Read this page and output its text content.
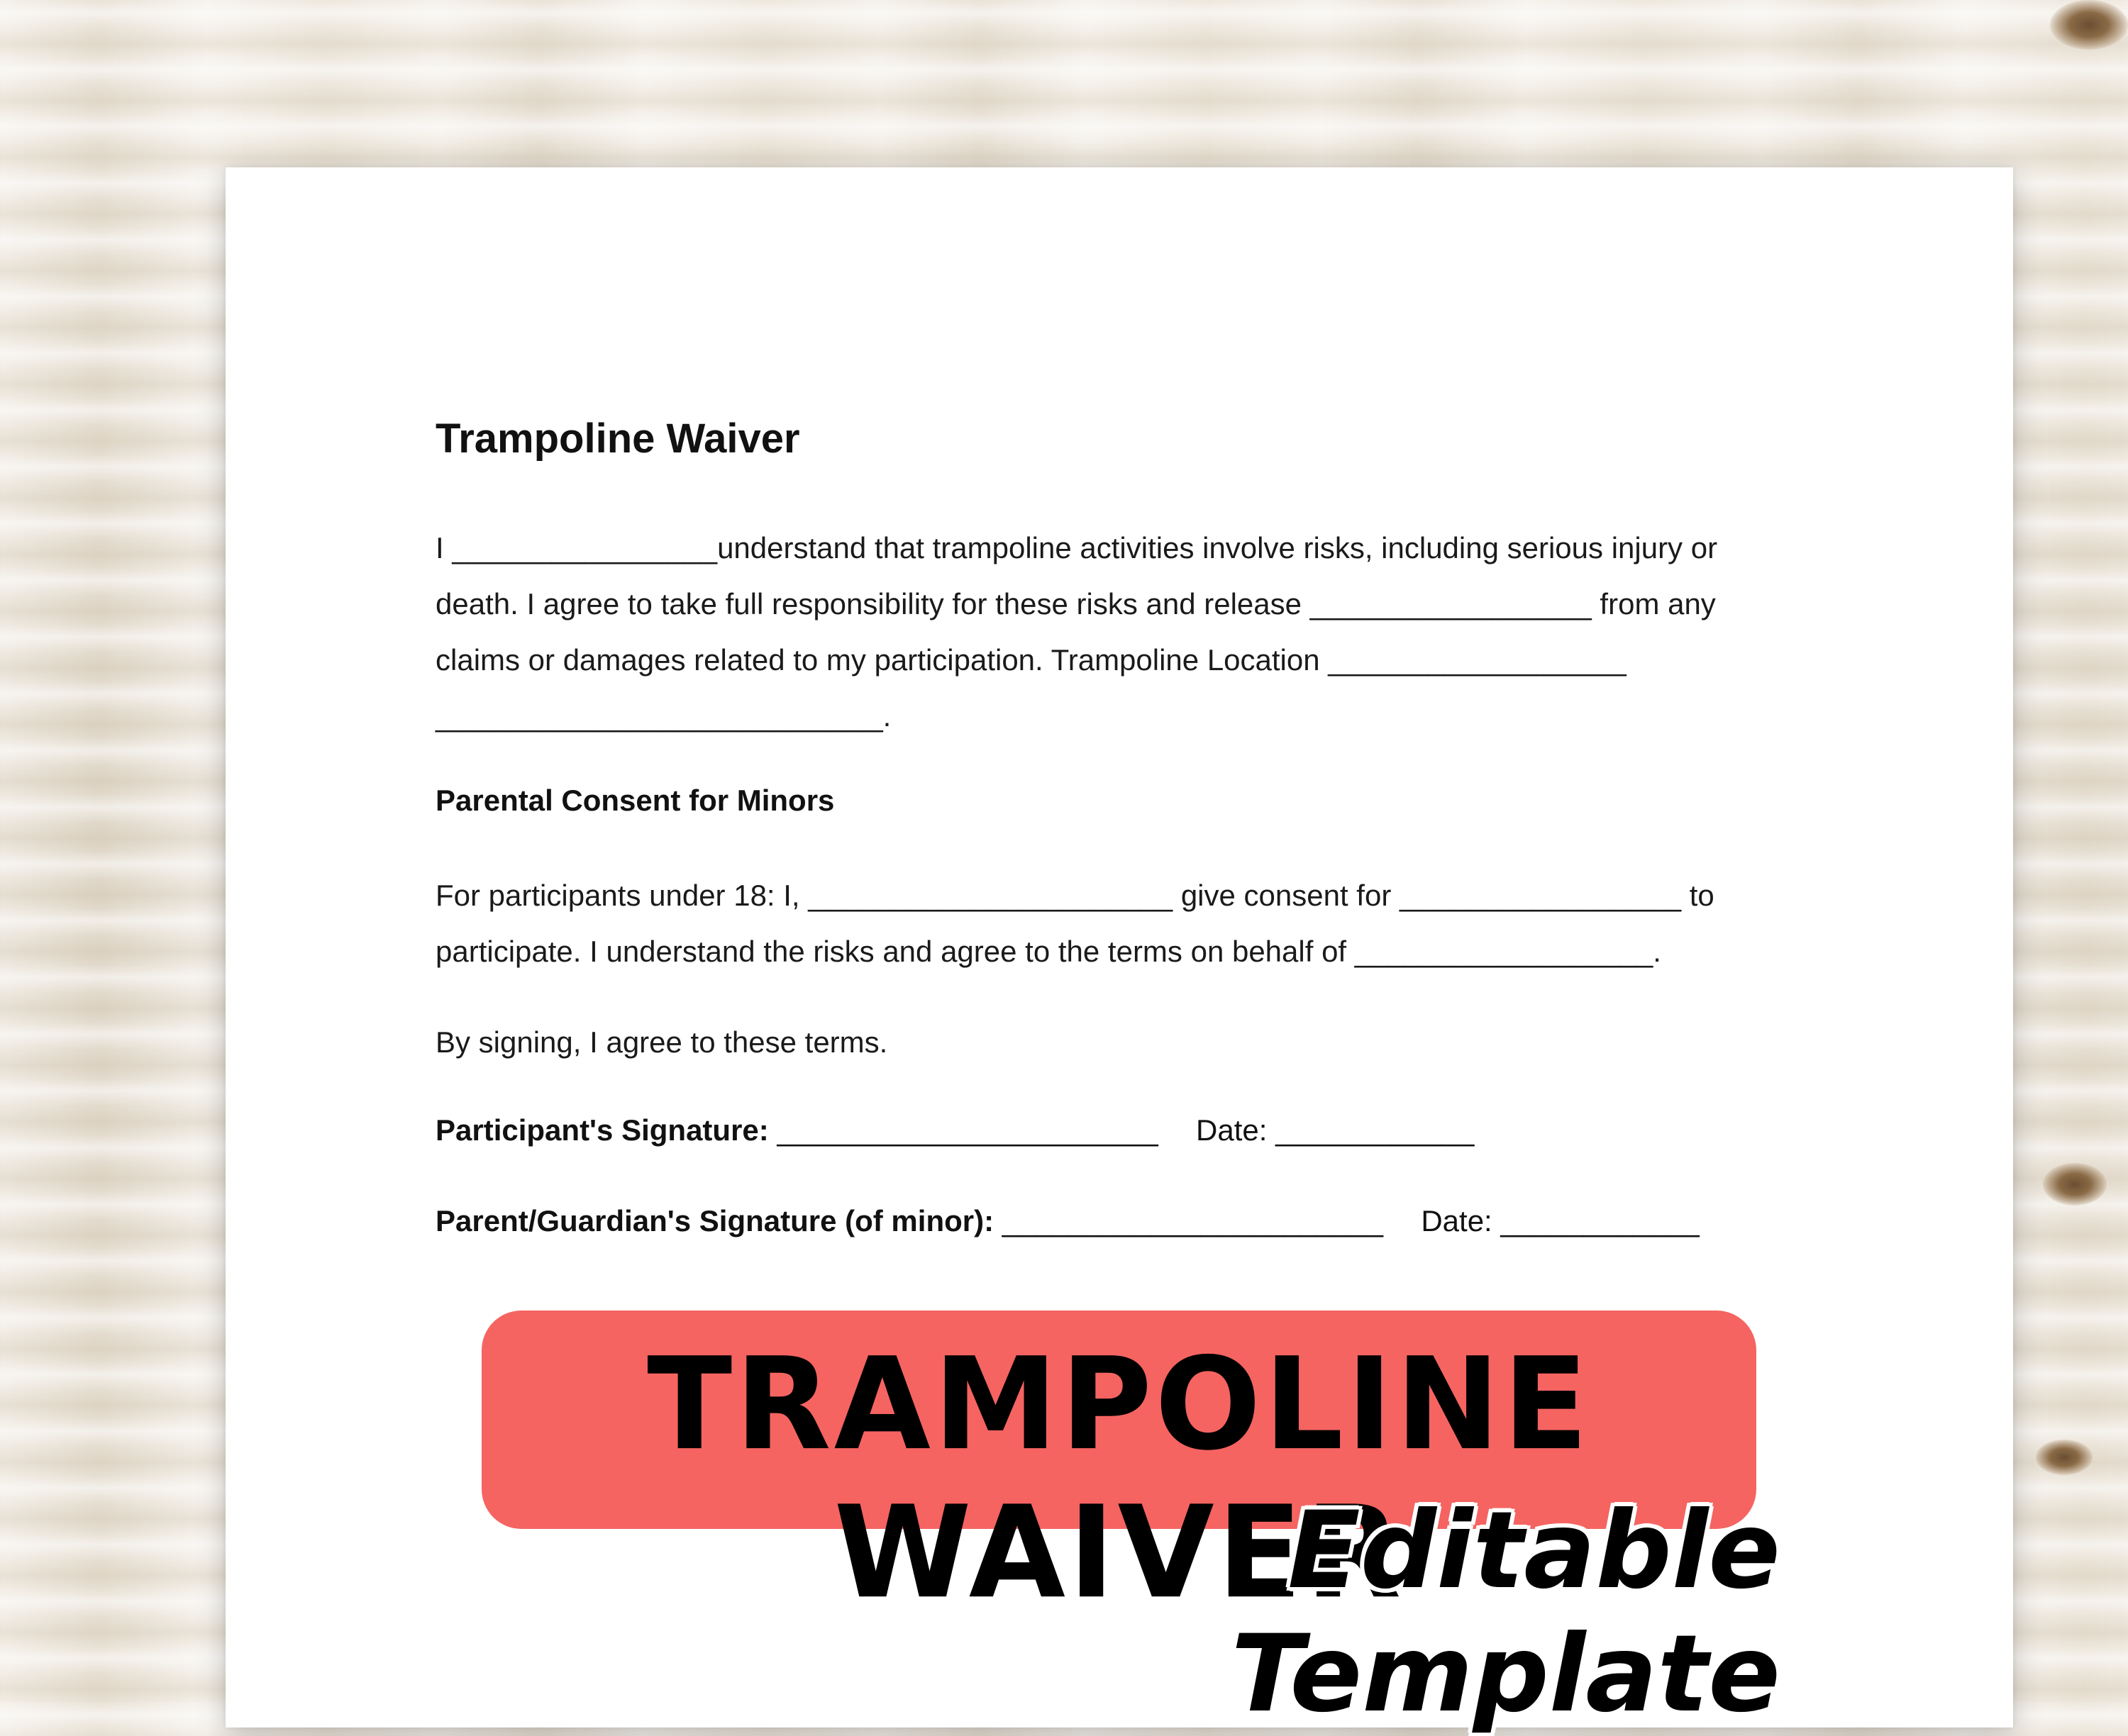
Trampoline Waiver
I ________________understand that trampoline activities involve risks, including serious injury or death. I agree to take full responsibility for these risks and release _________________ from any claims or damages related to my participation. Trampoline Location __________________ ___________________________.
Parental Consent for Minors
For participants under 18: I, ______________________ give consent for _________________ to participate. I understand the risks and agree to the terms on behalf of __________________.
By signing, I agree to these terms.
Participant's Signature: _______________________ Date: ____________
Parent/Guardian's Signature (of minor): _______________________ Date: ____________
TRAMPOLINE WAIVER
Editable Template
